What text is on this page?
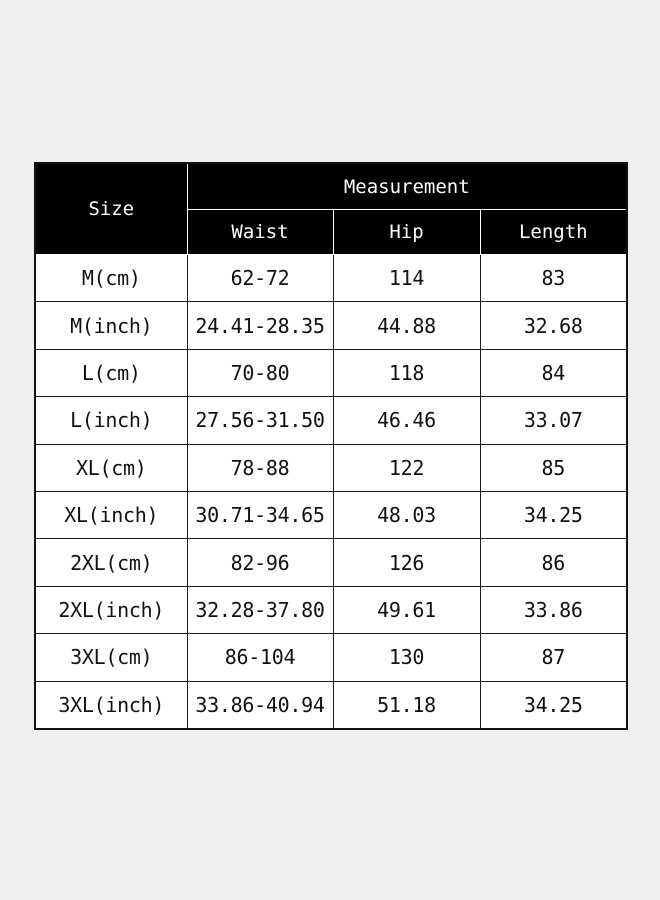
Size	Measurement		
	Waist	Hip	Length
M(cm)	62-72	114	83
M(inch)	24.41-28.35	44.88	32.68
L(cm)	70-80	118	84
L(inch)	27.56-31.50	46.46	33.07
XL(cm)	78-88	122	85
XL(inch)	30.71-34.65	48.03	34.25
2XL(cm)	82-96	126	86
2XL(inch)	32.28-37.80	49.61	33.86
3XL(cm)	86-104	130	87
3XL(inch)	33.86-40.94	51.18	34.25
